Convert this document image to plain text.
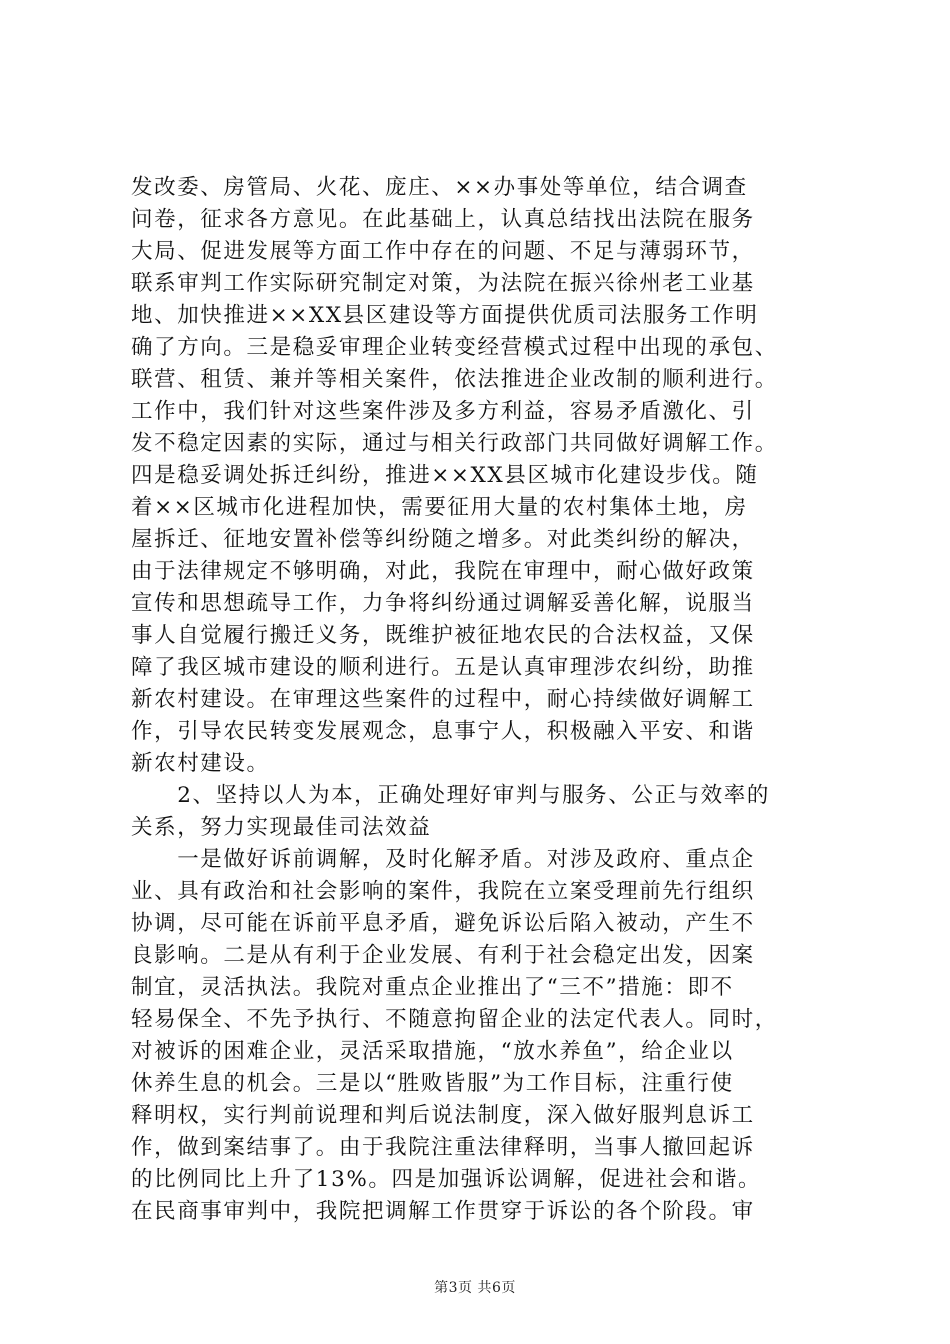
发改委、房管局、火花、庞庄、××办事处等单位，结合调查
问卷，征求各方意见。在此基础上，认真总结找出法院在服务
大局、促进发展等方面工作中存在的问题、不足与薄弱环节，
联系审判工作实际研究制定对策，为法院在振兴徐州老工业基
地、加快推进××XX县区建设等方面提供优质司法服务工作明
确了方向。三是稳妥审理企业转变经营模式过程中出现的承包、
联营、租赁、兼并等相关案件，依法推进企业改制的顺利进行。
工作中，我们针对这些案件涉及多方利益，容易矛盾激化、引
发不稳定因素的实际，通过与相关行政部门共同做好调解工作。
四是稳妥调处拆迁纠纷，推进××XX县区城市化建设步伐。随
着××区城市化进程加快，需要征用大量的农村集体土地，房
屋拆迁、征地安置补偿等纠纷随之增多。对此类纠纷的解决，
由于法律规定不够明确，对此，我院在审理中，耐心做好政策
宣传和思想疏导工作，力争将纠纷通过调解妥善化解，说服当
事人自觉履行搬迁义务，既维护被征地农民的合法权益，又保
障了我区城市建设的顺利进行。五是认真审理涉农纠纷，助推
新农村建设。在审理这些案件的过程中，耐心持续做好调解工
作，引导农民转变发展观念，息事宁人，积极融入平安、和谐
新农村建设。
　　2、坚持以人为本，正确处理好审判与服务、公正与效率的
关系，努力实现最佳司法效益
　　一是做好诉前调解，及时化解矛盾。对涉及政府、重点企
业、具有政治和社会影响的案件，我院在立案受理前先行组织
协调，尽可能在诉前平息矛盾，避免诉讼后陷入被动，产生不
良影响。二是从有利于企业发展、有利于社会稳定出发，因案
制宜，灵活执法。我院对重点企业推出了“三不”措施：即不
轻易保全、不先予执行、不随意拘留企业的法定代表人。同时，
对被诉的困难企业，灵活采取措施，“放水养鱼”，给企业以
休养生息的机会。三是以“胜败皆服”为工作目标，注重行使
释明权，实行判前说理和判后说法制度，深入做好服判息诉工
作，做到案结事了。由于我院注重法律释明，当事人撤回起诉
的比例同比上升了13%。四是加强诉讼调解，促进社会和谐。
在民商事审判中，我院把调解工作贯穿于诉讼的各个阶段。审
第3页 共6页
